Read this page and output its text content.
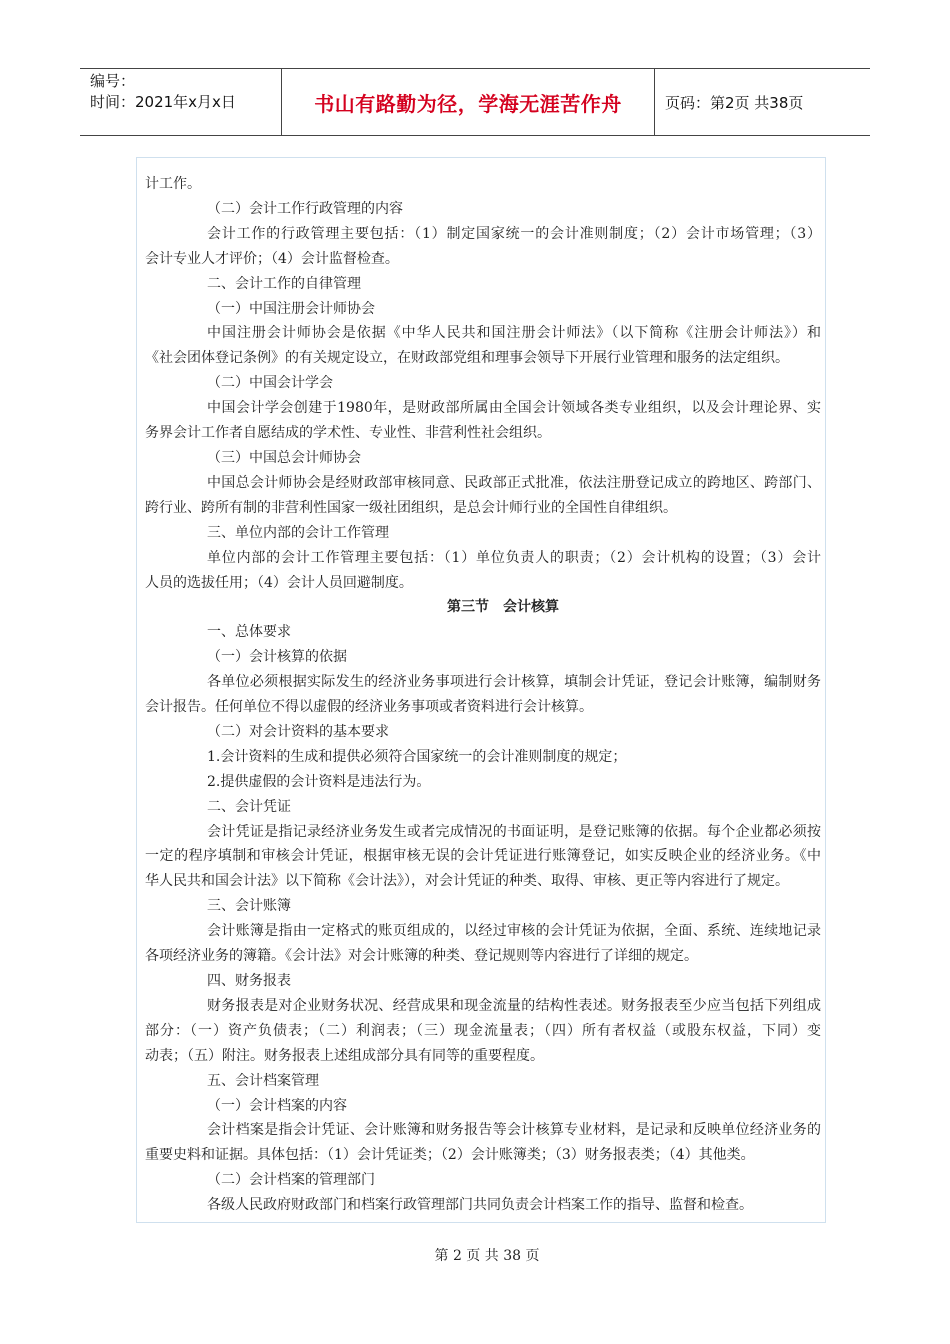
编号：
时间：2021年x月x日	书山有路勤为径，学海无涯苦作舟	页码：第2页 共38页
计工作。
（二）会计工作行政管理的内容
会计工作的行政管理主要包括：（1）制定国家统一的会计准则制度；（2）会计市场管理；（3）
会计专业人才评价；（4）会计监督检查。
二、会计工作的自律管理
（一）中国注册会计师协会
中国注册会计师协会是依据《中华人民共和国注册会计师法》（以下简称《注册会计师法》）和
《社会团体登记条例》的有关规定设立，在财政部党组和理事会领导下开展行业管理和服务的法定组织。
（二）中国会计学会
中国会计学会创建于1980年，是财政部所属由全国会计领域各类专业组织，以及会计理论界、实
务界会计工作者自愿结成的学术性、专业性、非营利性社会组织。
（三）中国总会计师协会
中国总会计师协会是经财政部审核同意、民政部正式批准，依法注册登记成立的跨地区、跨部门、
跨行业、跨所有制的非营利性国家一级社团组织，是总会计师行业的全国性自律组织。
三、单位内部的会计工作管理
单位内部的会计工作管理主要包括：（1）单位负责人的职责；（2）会计机构的设置；（3）会计
人员的选拔任用；（4）会计人员回避制度。
第三节　会计核算
一、总体要求
（一）会计核算的依据
各单位必须根据实际发生的经济业务事项进行会计核算，填制会计凭证，登记会计账簿，编制财务
会计报告。任何单位不得以虚假的经济业务事项或者资料进行会计核算。
（二）对会计资料的基本要求
1.会计资料的生成和提供必须符合国家统一的会计准则制度的规定；
2.提供虚假的会计资料是违法行为。
二、会计凭证
会计凭证是指记录经济业务发生或者完成情况的书面证明，是登记账簿的依据。每个企业都必须按
一定的程序填制和审核会计凭证，根据审核无误的会计凭证进行账簿登记，如实反映企业的经济业务。《中
华人民共和国会计法》以下简称《会计法》），对会计凭证的种类、取得、审核、更正等内容进行了规定。
三、会计账簿
会计账簿是指由一定格式的账页组成的，以经过审核的会计凭证为依据，全面、系统、连续地记录
各项经济业务的簿籍。《会计法》对会计账簿的种类、登记规则等内容进行了详细的规定。
四、财务报表
财务报表是对企业财务状况、经营成果和现金流量的结构性表述。财务报表至少应当包括下列组成
部分：（一）资产负债表；（二）利润表；（三）现金流量表；（四）所有者权益（或股东权益，下同）变
动表；（五）附注。财务报表上述组成部分具有同等的重要程度。
五、会计档案管理
（一）会计档案的内容
会计档案是指会计凭证、会计账簿和财务报告等会计核算专业材料，是记录和反映单位经济业务的
重要史料和证据。具体包括：（1）会计凭证类；（2）会计账簿类；（3）财务报表类；（4）其他类。
（二）会计档案的管理部门
各级人民政府财政部门和档案行政管理部门共同负责会计档案工作的指导、监督和检查。
第 2 页 共 38 页
